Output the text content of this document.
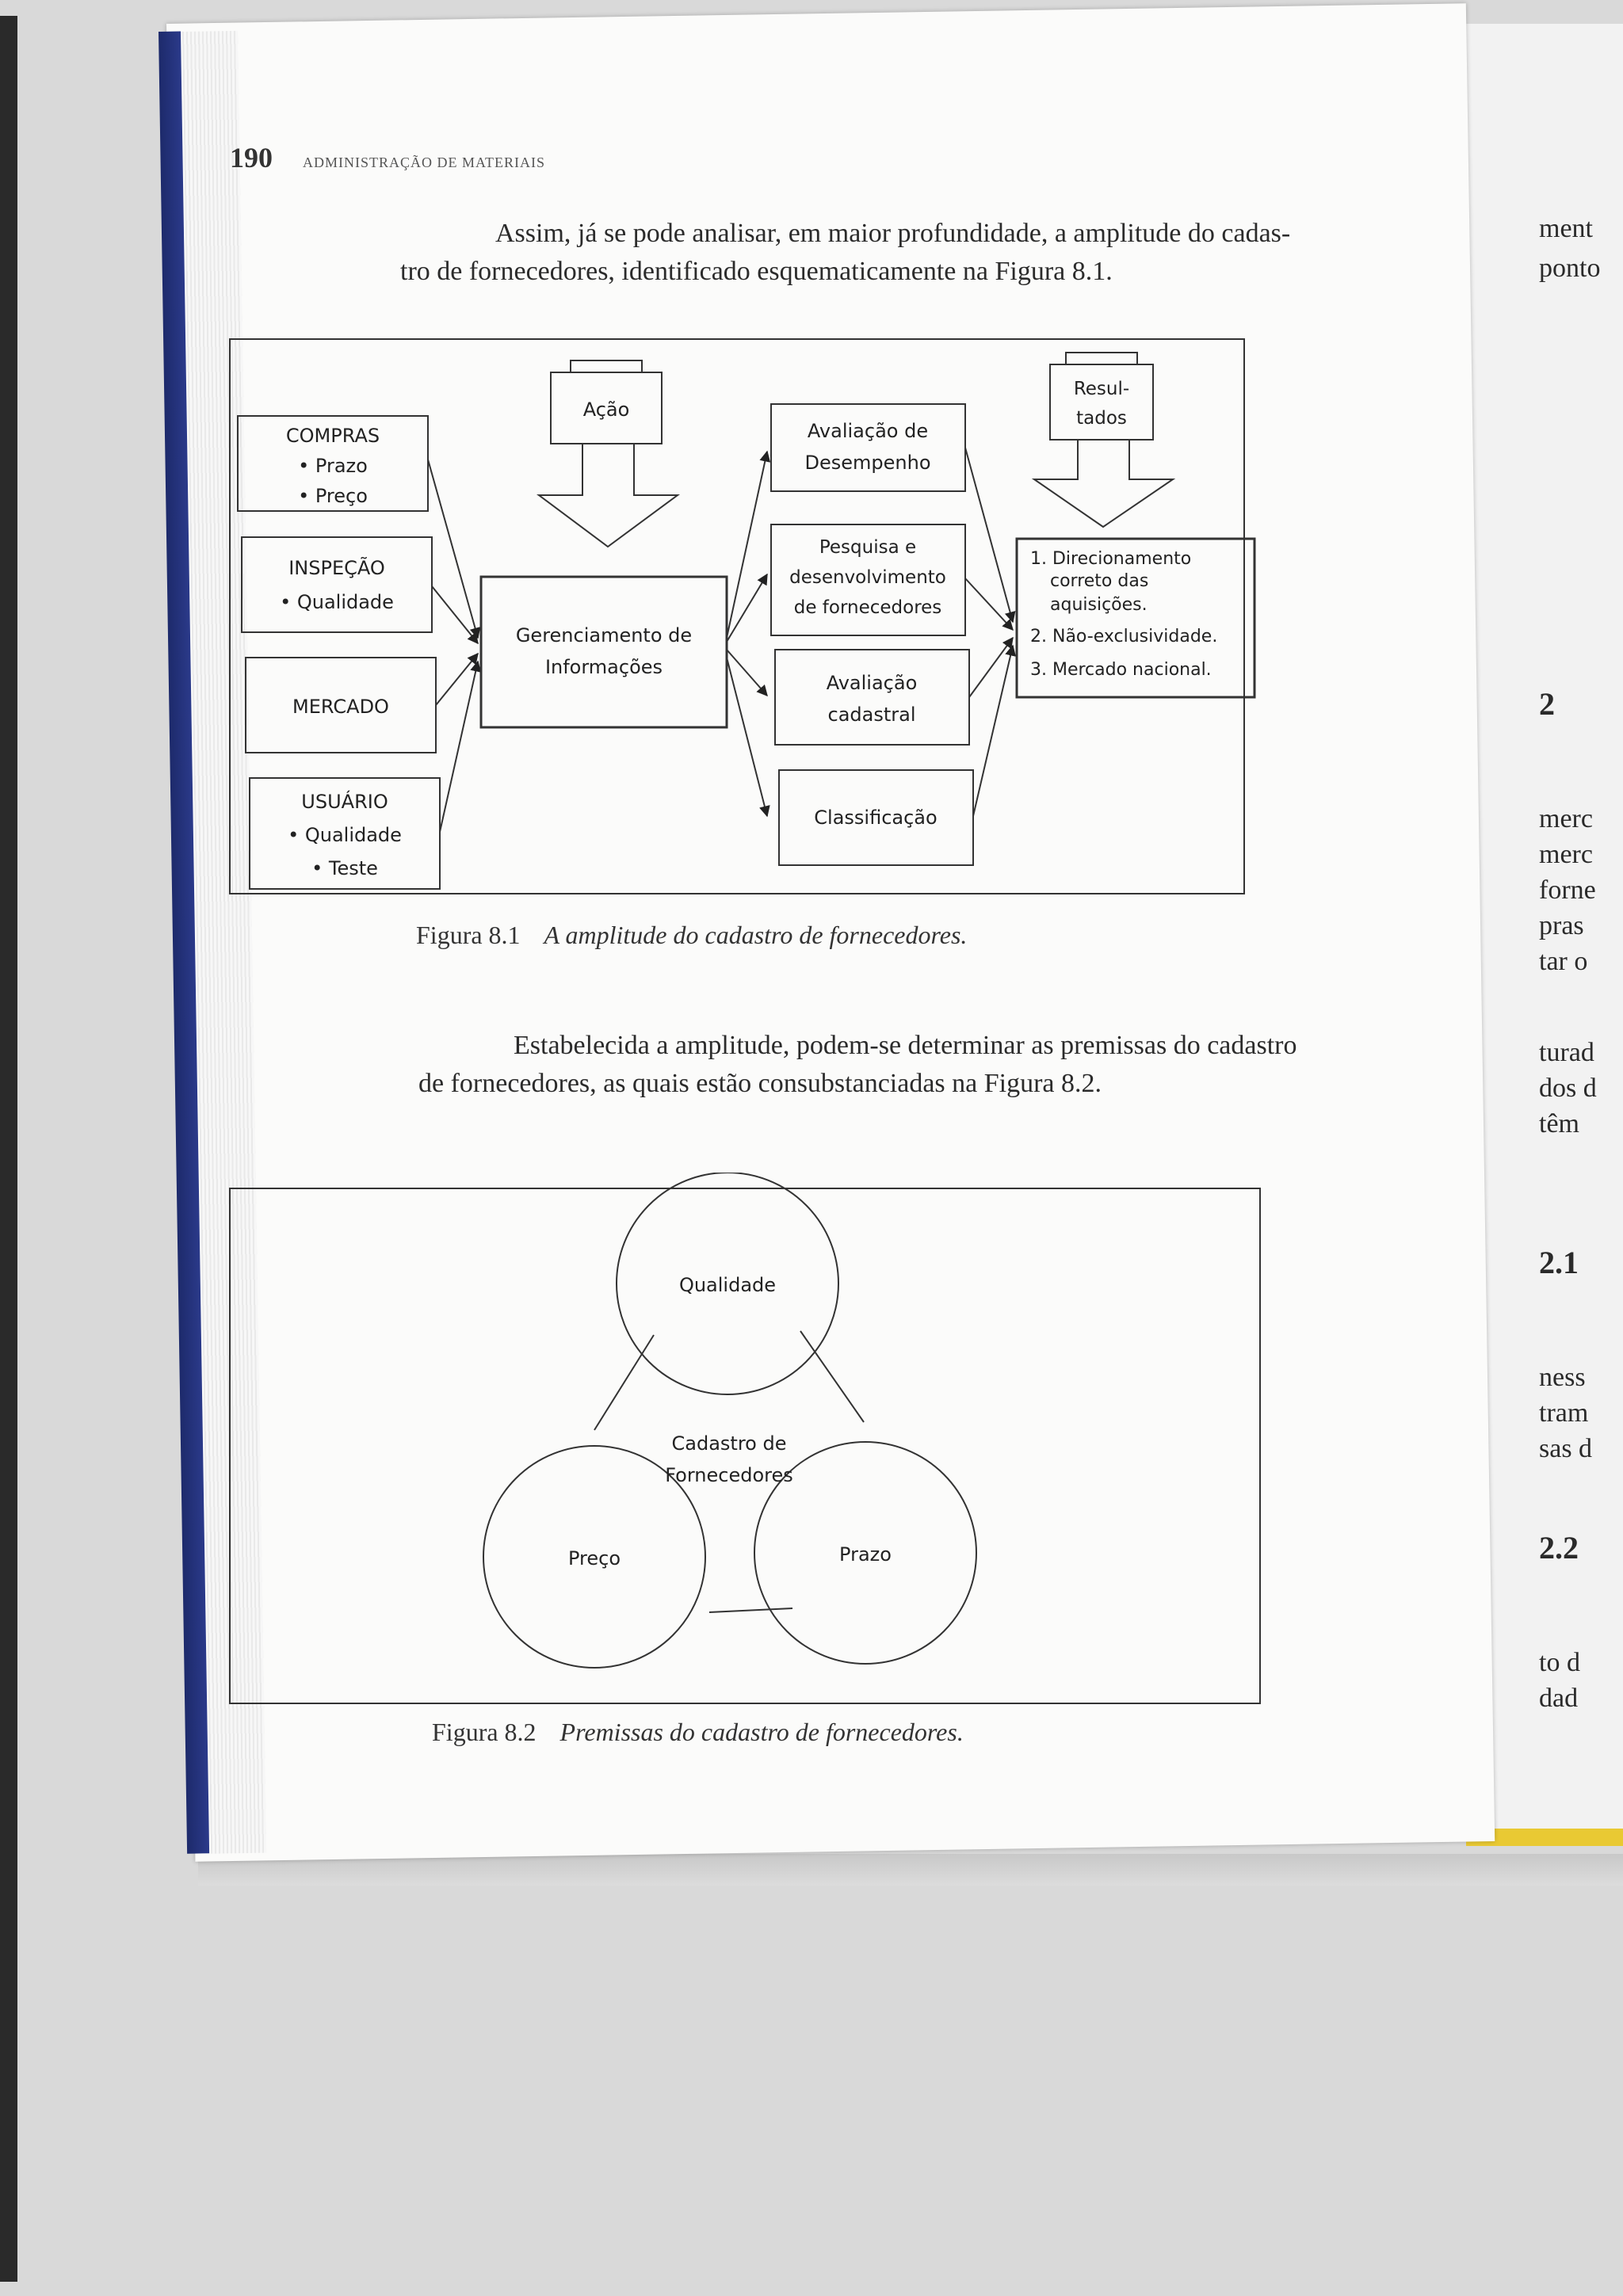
ment
ponto
2
merc
merc
forne
pras
tar o
turad
dos d
têm
2.1
ness
tram
sas d
2.2
to d
dad
190 ADMINISTRAÇÃO DE MATERIAIS
Assim, já se pode analisar, em maior profundidade, a amplitude do cadas-
tro de fornecedores, identificado esquematicamente na Figura 8.1.
COMPRAS
• Prazo
• Preço
INSPEÇÃO
• Qualidade
MERCADO
USUÁRIO
• Qualidade
• Teste
Ação
Gerenciamento de
Informações
Avaliação de
Desempenho
Pesquisa e
desenvolvimento
de fornecedores
Avaliação
cadastral
Classificação
Resul-
tados
1. Direcionamento
correto das
aquisições.
2. Não-exclusividade.
3. Mercado nacional.
Figura 8.1 A amplitude do cadastro de fornecedores.
Estabelecida a amplitude, podem-se determinar as premissas do cadastro
de fornecedores, as quais estão consubstanciadas na Figura 8.2.
Qualidade
Preço	Prazo
Cadastro de
Fornecedores
Figura 8.2 Premissas do cadastro de fornecedores.
